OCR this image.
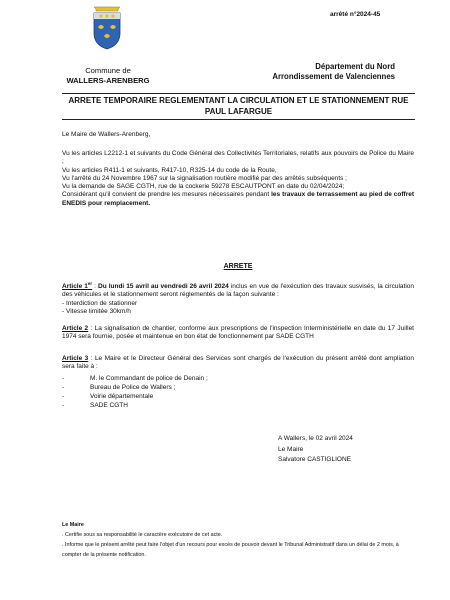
arrêté n°2024-45
Commune de
WALLERS-ARENBERG
Département du Nord
Arrondissement de Valenciennes
ARRETE TEMPORAIRE REGLEMENTANT LA CIRCULATION ET LE STATIONNEMENT RUE PAUL LAFARGUE

Le Maire de Wallers-Arenberg,

Vu les articles L2212-1 et suivants du Code Général des Collectivités Territoriales, relatifs aux pouvoirs de Police du Maire ;

Vu les articles R411-1 et suivants, R417-10, R325-14 du code de la Route,

Vu l'arrêté du 24 Novembre 1967 sur la signalisation routière modifié par des arrêtés subséquents ;

Vu la demande de SAGE CGTH, rue de la cockerie 59278 ESCAUTPONT en date du 02/04/2024;

Considérant qu'il convient de prendre les mesures nécessaires pendant les travaux de terrassement au pied de coffret ENEDIS pour remplacement.

ARRETE

Article 1er : Du lundi 15 avril au vendredi 26 avril 2024 inclus en vue de l'exécution des travaux susvisés, la circulation des véhicules et le stationnement seront réglementés de la façon suivante :

- Interdiction de stationner

- Vitesse limitée 30km/h

Article 2 : La signalisation de chantier, conforme aux prescriptions de l'inspection Interministérielle en date du 17 Juillet 1974 sera fournie, posée et maintenue en bon état de fonctionnement par SADE CGTH

Article 3 : Le Maire et le Directeur Général des Services sont chargés de l'exécution du présent arrêté dont ampliation sera faite à :

-	M. le Commandant de police de Denain ;
-	Bureau de Police de Wallers ;
-	Voirie départementale
-	SADE CGTH
A Wallers, le 02 avril 2024
Le Maire
Salvatore CASTIGLIONE
Le Maire
. Certifie sous sa responsabilité le caractère exécutoire de cet acte.
. Informe que le présent arrêté peut faire l'objet d'un recours pour excès de pouvoir devant le Tribunal Administratif dans un délai de 2 mois, à compter de la présente notification.
